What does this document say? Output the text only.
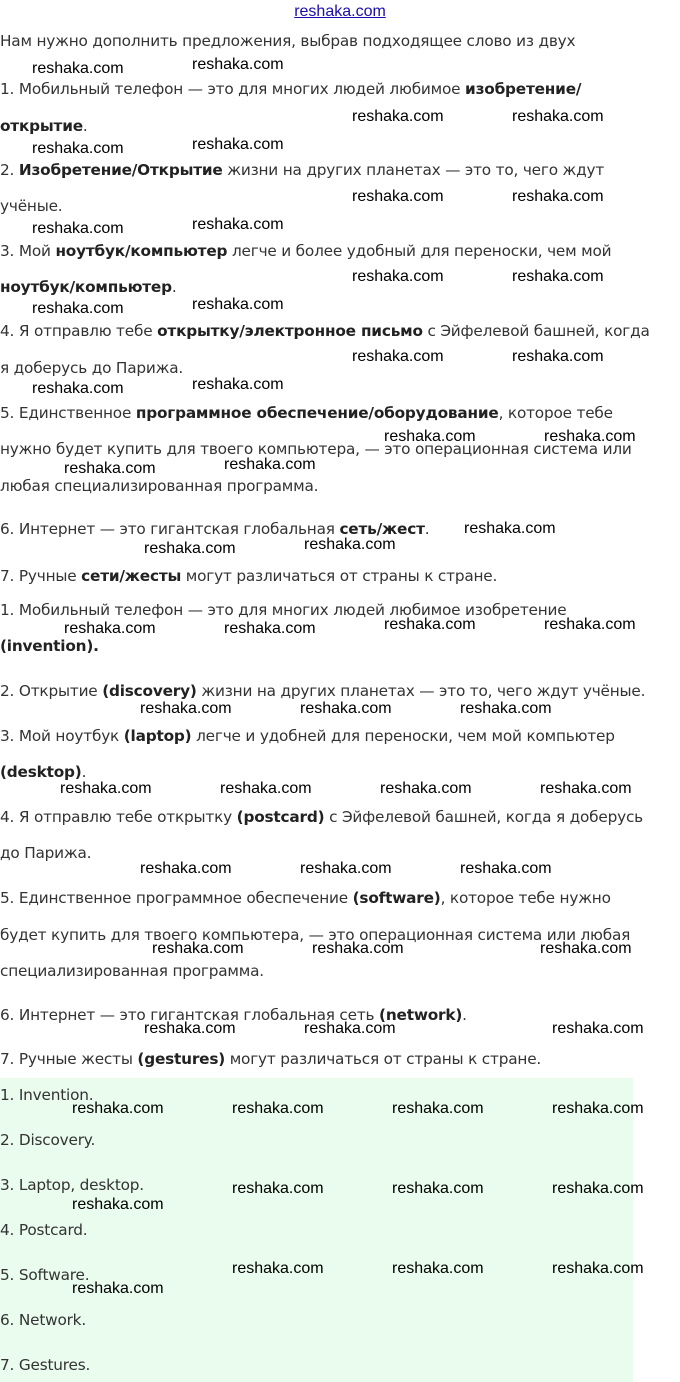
reshaka.com
Нам нужно дополнить предложения, выбрав подходящее слово из двух
1. Мобильный телефон — это для многих людей любимое изобретение/
открытие.
2. Изобретение/Открытие жизни на других планетах — это то, чего ждут
учёные.
3. Мой ноутбук/компьютер легче и более удобный для переноски, чем мой
ноутбук/компьютер.
4. Я отправлю тебе открытку/электронное письмо с Эйфелевой башней, когда
я доберусь до Парижа.
5. Единственное программное обеспечение/оборудование, которое тебе
нужно будет купить для твоего компьютера, — это операционная система или
любая специализированная программа.
6. Интернет — это гигантская глобальная сеть/жест.
7. Ручные сети/жесты могут различаться от страны к стране.
1. Мобильный телефон — это для многих людей любимое изобретение
(invention).
2. Открытие (discovery) жизни на других планетах — это то, чего ждут учёные.
3. Мой ноутбук (laptop) легче и удобней для переноски, чем мой компьютер
(desktop).
4. Я отправлю тебе открытку (postcard) с Эйфелевой башней, когда я доберусь
до Парижа.
5. Единственное программное обеспечение (software), которое тебе нужно
будет купить для твоего компьютера, — это операционная система или любая
специализированная программа.
6. Интернет — это гигантская глобальная сеть (network).
7. Ручные жесты (gestures) могут различаться от страны к стране.
1. Invention.
2. Discovery.
3. Laptop, desktop.
4. Postcard.
5. Software.
6. Network.
7. Gestures.
reshaka.com	reshaka.com
reshaka.com	reshaka.com
reshaka.com	reshaka.com
reshaka.com	reshaka.com
reshaka.com	reshaka.com
reshaka.com	reshaka.com
reshaka.com	reshaka.com
reshaka.com	reshaka.com
reshaka.com	reshaka.com
reshaka.com	reshaka.com
reshaka.com	reshaka.com
reshaka.com
reshaka.com	reshaka.com
reshaka.com	reshaka.com	reshaka.com	reshaka.com
reshaka.com	reshaka.com	reshaka.com
reshaka.com	reshaka.com	reshaka.com	reshaka.com
reshaka.com	reshaka.com	reshaka.com
reshaka.com	reshaka.com	reshaka.com
reshaka.com	reshaka.com	reshaka.com
reshaka.com	reshaka.com	reshaka.com	reshaka.com
reshaka.com	reshaka.com	reshaka.com
reshaka.com
reshaka.com	reshaka.com	reshaka.com
reshaka.com
